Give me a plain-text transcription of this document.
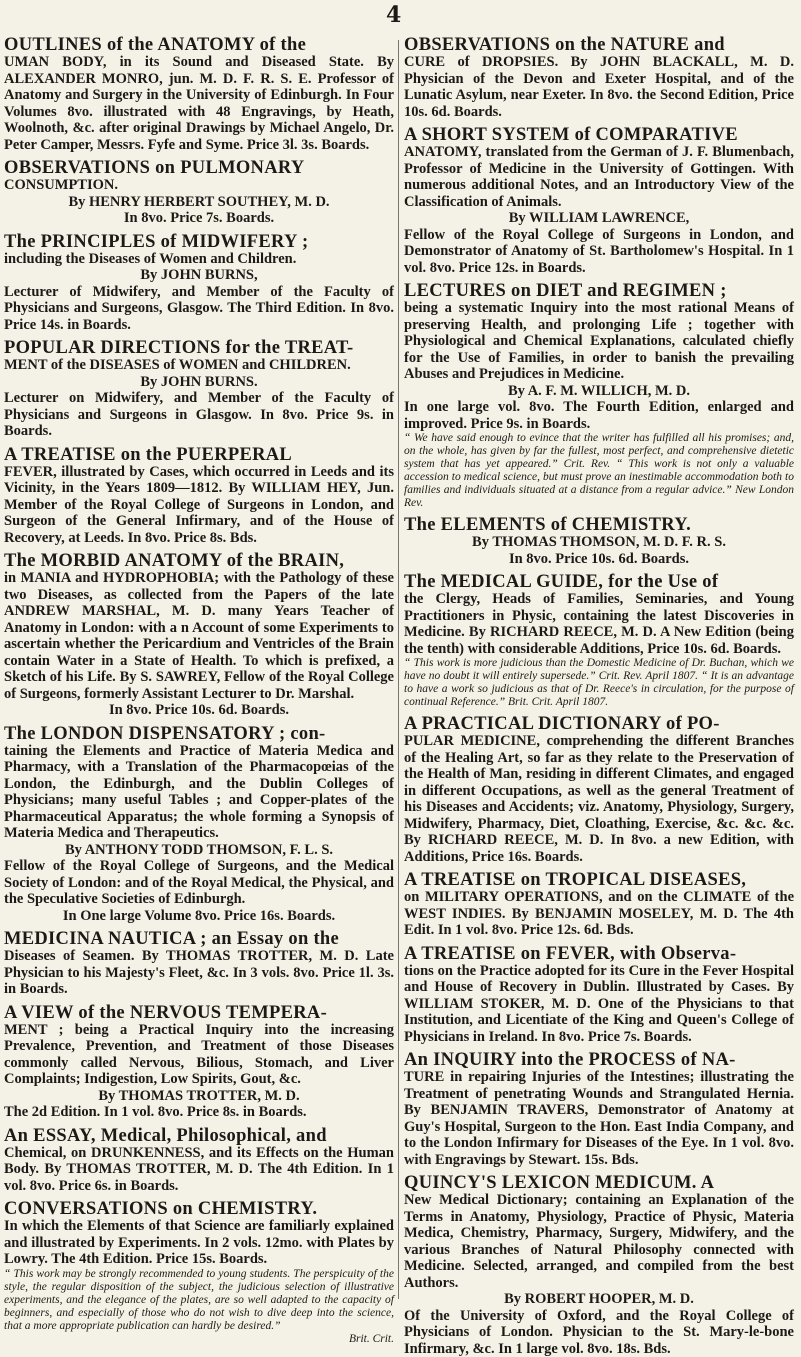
4
OUTLINES of the ANATOMY of the
UMAN BODY, in its Sound and Diseased State. By ALEXANDER MONRO, jun. M. D. F. R. S. E. Professor of Anatomy and Surgery in the University of Edinburgh. In Four Volumes 8vo. illustrated with 48 Engravings, by Heath, Woolnoth, &c. after original Drawings by Michael Angelo, Dr. Peter Camper, Messrs. Fyfe and Syme. Price 3l. 3s. Boards.
OBSERVATIONS on PULMONARY
CONSUMPTION.
By HENRY HERBERT SOUTHEY, M. D.
In 8vo. Price 7s. Boards.
The PRINCIPLES of MIDWIFERY ;
including the Diseases of Women and Children.
By JOHN BURNS,
Lecturer of Midwifery, and Member of the Faculty of Physicians and Surgeons, Glasgow. The Third Edition. In 8vo. Price 14s. in Boards.
POPULAR DIRECTIONS for the TREAT-
MENT of the DISEASES of WOMEN and CHILDREN.
By JOHN BURNS.
Lecturer on Midwifery, and Member of the Faculty of Physicians and Surgeons in Glasgow. In 8vo. Price 9s. in Boards.
A TREATISE on the PUERPERAL
FEVER, illustrated by Cases, which occurred in Leeds and its Vicinity, in the Years 1809—1812. By WILLIAM HEY, Jun. Member of the Royal College of Surgeons in London, and Surgeon of the General Infirmary, and of the House of Recovery, at Leeds. In 8vo. Price 8s. Bds.
The MORBID ANATOMY of the BRAIN,
in MANIA and HYDROPHOBIA; with the Pathology of these two Diseases, as collected from the Papers of the late ANDREW MARSHAL, M. D. many Years Teacher of Anatomy in London: with a n Account of some Experiments to ascertain whether the Pericardium and Ventricles of the Brain contain Water in a State of Health. To which is prefixed, a Sketch of his Life. By S. SAWREY, Fellow of the Royal College of Surgeons, formerly Assistant Lecturer to Dr. Marshal.
In 8vo. Price 10s. 6d. Boards.
The LONDON DISPENSATORY ; con-
taining the Elements and Practice of Materia Medica and Pharmacy, with a Translation of the Pharmacopœias of the London, the Edinburgh, and the Dublin Colleges of Physicians; many useful Tables ; and Copper-plates of the Pharmaceutical Apparatus; the whole forming a Synopsis of Materia Medica and Therapeutics.
By ANTHONY TODD THOMSON, F. L. S.
Fellow of the Royal College of Surgeons, and the Medical Society of London: and of the Royal Medical, the Physical, and the Speculative Societies of Edinburgh.
In One large Volume 8vo. Price 16s. Boards.
MEDICINA NAUTICA ; an Essay on the
Diseases of Seamen. By THOMAS TROTTER, M. D. Late Physician to his Majesty's Fleet, &c. In 3 vols. 8vo. Price 1l. 3s. in Boards.
A VIEW of the NERVOUS TEMPERA-
MENT ; being a Practical Inquiry into the increasing Prevalence, Prevention, and Treatment of those Diseases commonly called Nervous, Bilious, Stomach, and Liver Complaints; Indigestion, Low Spirits, Gout, &c.
By THOMAS TROTTER, M. D.
The 2d Edition. In 1 vol. 8vo. Price 8s. in Boards.
An ESSAY, Medical, Philosophical, and
Chemical, on DRUNKENNESS, and its Effects on the Human Body. By THOMAS TROTTER, M. D. The 4th Edition. In 1 vol. 8vo. Price 6s. in Boards.
CONVERSATIONS on CHEMISTRY.
In which the Elements of that Science are familiarly explained and illustrated by Experiments. In 2 vols. 12mo. with Plates by Lowry. The 4th Edition. Price 15s. Boards.
“ This work may be strongly recommended to young students. The perspicuity of the style, the regular disposition of the subject, the judicious selection of illustrative experiments, and the elegance of the plates, are so well adapted to the capacity of beginners, and especially of those who do not wish to dive deep into the science, that a more appropriate publication can hardly be desired.”
Brit. Crit.
OBSERVATIONS on the NATURE and
CURE of DROPSIES. By JOHN BLACKALL, M. D. Physician of the Devon and Exeter Hospital, and of the Lunatic Asylum, near Exeter. In 8vo. the Second Edition, Price 10s. 6d. Boards.
A SHORT SYSTEM of COMPARATIVE
ANATOMY, translated from the German of J. F. Blumenbach, Professor of Medicine in the University of Gottingen. With numerous additional Notes, and an Introductory View of the Classification of Animals.
By WILLIAM LAWRENCE,
Fellow of the Royal College of Surgeons in London, and Demonstrator of Anatomy of St. Bartholomew's Hospital. In 1 vol. 8vo. Price 12s. in Boards.
LECTURES on DIET and REGIMEN ;
being a systematic Inquiry into the most rational Means of preserving Health, and prolonging Life ; together with Physiological and Chemical Explanations, calculated chiefly for the Use of Families, in order to banish the prevailing Abuses and Prejudices in Medicine.
By A. F. M. WILLICH, M. D.
In one large vol. 8vo. The Fourth Edition, enlarged and improved. Price 9s. in Boards.
“ We have said enough to evince that the writer has fulfilled all his promises; and, on the whole, has given by far the fullest, most perfect, and comprehensive dietetic system that has yet appeared.” Crit. Rev. “ This work is not only a valuable accession to medical science, but must prove an inestimable accommodation both to families and individuals situated at a distance from a regular advice.” New London Rev.
The ELEMENTS of CHEMISTRY.
By THOMAS THOMSON, M. D. F. R. S.
In 8vo. Price 10s. 6d. Boards.
The MEDICAL GUIDE, for the Use of
the Clergy, Heads of Families, Seminaries, and Young Practitioners in Physic, containing the latest Discoveries in Medicine. By RICHARD REECE, M. D. A New Edition (being the tenth) with considerable Additions, Price 10s. 6d. Boards.
“ This work is more judicious than the Domestic Medicine of Dr. Buchan, which we have no doubt it will entirely supersede.” Crit. Rev. April 1807. “ It is an advantage to have a work so judicious as that of Dr. Reece's in circulation, for the purpose of continual Reference.” Brit. Crit. April 1807.
A PRACTICAL DICTIONARY of PO-
PULAR MEDICINE, comprehending the different Branches of the Healing Art, so far as they relate to the Preservation of the Health of Man, residing in different Climates, and engaged in different Occupations, as well as the general Treatment of his Diseases and Accidents; viz. Anatomy, Physiology, Surgery, Midwifery, Pharmacy, Diet, Cloathing, Exercise, &c. &c. &c. By RICHARD REECE, M. D. In 8vo. a new Edition, with Additions, Price 16s. Boards.
A TREATISE on TROPICAL DISEASES,
on MILITARY OPERATIONS, and on the CLIMATE of the WEST INDIES. By BENJAMIN MOSELEY, M. D. The 4th Edit. In 1 vol. 8vo. Price 12s. 6d. Bds.
A TREATISE on FEVER, with Observa-
tions on the Practice adopted for its Cure in the Fever Hospital and House of Recovery in Dublin. Illustrated by Cases. By WILLIAM STOKER, M. D. One of the Physicians to that Institution, and Licentiate of the King and Queen's College of Physicians in Ireland. In 8vo. Price 7s. Boards.
An INQUIRY into the PROCESS of NA-
TURE in repairing Injuries of the Intestines; illustrating the Treatment of penetrating Wounds and Strangulated Hernia. By BENJAMIN TRAVERS, Demonstrator of Anatomy at Guy's Hospital, Surgeon to the Hon. East India Company, and to the London Infirmary for Diseases of the Eye. In 1 vol. 8vo. with Engravings by Stewart. 15s. Bds.
QUINCY'S LEXICON MEDICUM. A
New Medical Dictionary; containing an Explanation of the Terms in Anatomy, Physiology, Practice of Physic, Materia Medica, Chemistry, Pharmacy, Surgery, Midwifery, and the various Branches of Natural Philosophy connected with Medicine. Selected, arranged, and compiled from the best Authors.
By ROBERT HOOPER, M. D.
Of the University of Oxford, and the Royal College of Physicians of London. Physician to the St. Mary-le-bone Infirmary, &c. In 1 large vol. 8vo. 18s. Bds.
